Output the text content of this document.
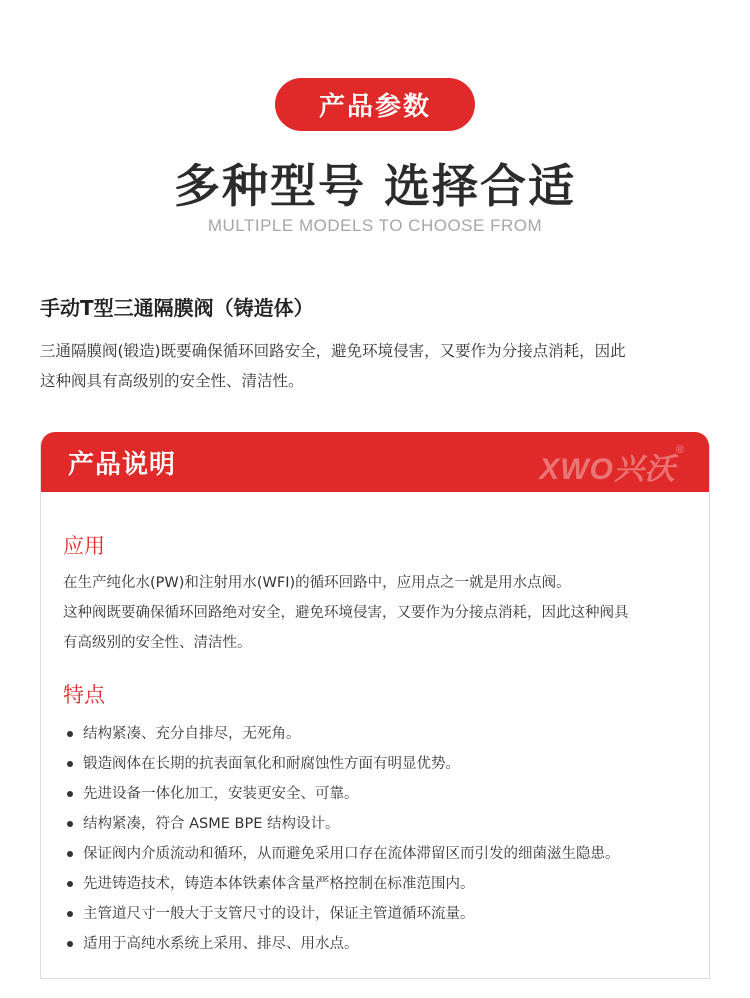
产品参数
多种型号 选择合适
MULTIPLE MODELS TO CHOOSE FROM
手动T型三通隔膜阀（铸造体）
三通隔膜阀(锻造)既要确保循环回路安全，避免环境侵害，又要作为分接点消耗，因此
这种阀具有高级别的安全性、清洁性。
产品说明	XWO兴沃®
应用
在生产纯化水(PW)和注射用水(WFI)的循环回路中，应用点之一就是用水点阀。
这种阀既要确保循环回路绝对安全，避免环境侵害，又要作为分接点消耗，因此这种阀具
有高级别的安全性、清洁性。
特点
结构紧凑、充分自排尽，无死角。
锻造阀体在长期的抗表面氧化和耐腐蚀性方面有明显优势。
先进设备一体化加工，安装更安全、可靠。
结构紧凑，符合 ASME BPE 结构设计。
保证阀内介质流动和循环，从而避免采用口存在流体滞留区而引发的细菌滋生隐患。
先进铸造技术，铸造本体铁素体含量严格控制在标准范围内。
主管道尺寸一般大于支管尺寸的设计，保证主管道循环流量。
适用于高纯水系统上采用、排尽、用水点。
